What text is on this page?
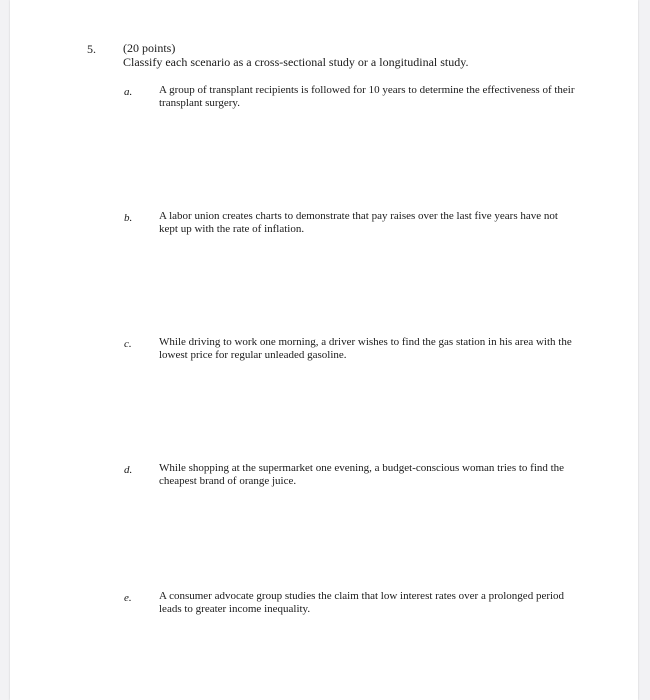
5. (20 points)
Classify each scenario as a cross-sectional study or a longitudinal study.
a. A group of transplant recipients is followed for 10 years to determine the effectiveness of their transplant surgery.
b. A labor union creates charts to demonstrate that pay raises over the last five years have not kept up with the rate of inflation.
c. While driving to work one morning, a driver wishes to find the gas station in his area with the lowest price for regular unleaded gasoline.
d. While shopping at the supermarket one evening, a budget-conscious woman tries to find the cheapest brand of orange juice.
e. A consumer advocate group studies the claim that low interest rates over a prolonged period leads to greater income inequality.
